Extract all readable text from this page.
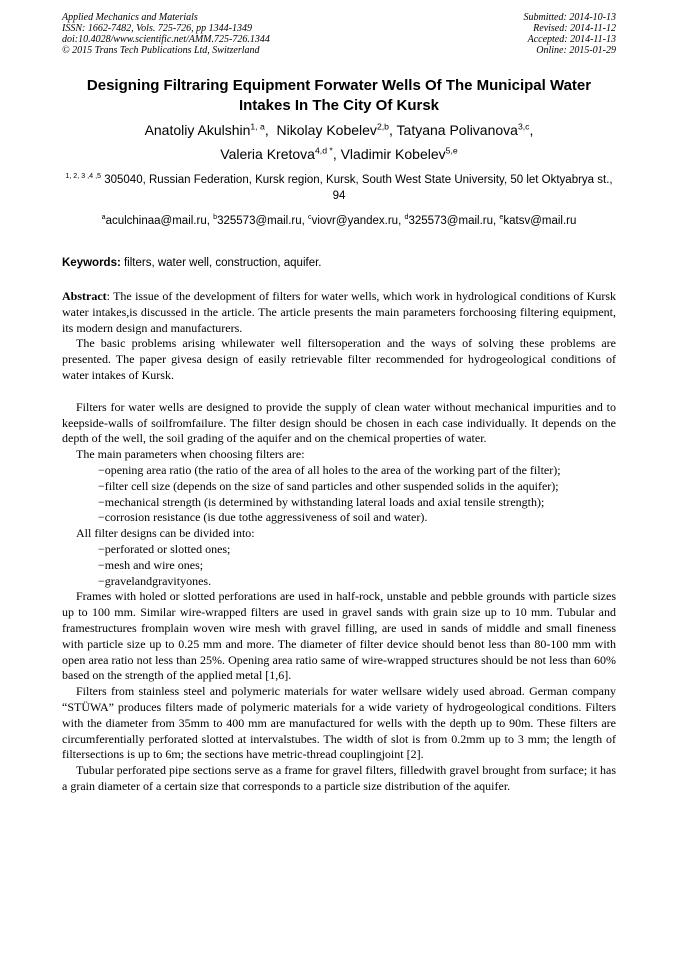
Applied Mechanics and Materials
ISSN: 1662-7482, Vols. 725-726, pp 1344-1349
doi:10.4028/www.scientific.net/AMM.725-726.1344
© 2015 Trans Tech Publications Ltd, Switzerland
Submitted: 2014-10-13
Revised: 2014-11-12
Accepted: 2014-11-13
Online: 2015-01-29
Designing Filtraring Equipment Forwater Wells Of The Municipal Water Intakes In The City Of Kursk
Anatoliy Akulshin$^{1, a}$,  Nikolay Kobelev$^{2,b}$, Tatyana Polivanova$^{3,c}$,
Valeria Kretova$^{4,d *}$, Vladimir Kobelev$^{5,e}$
$^{1, 2, 3 ,4 ,5}$ 305040, Russian Federation, Kursk region, Kursk, South West State University, 50 let Oktyabrya st., 94
$^a$aculchinaa@mail.ru, $^b$325573@mail.ru, $^c$viovr@yandex.ru, $^d$325573@mail.ru, $^e$katsv@mail.ru
Keywords: filters, water well, construction, aquifer.

Abstract: The issue of the development of filters for water wells, which work in hydrological conditions of Kursk water intakes,is discussed in the article. The article presents the main parameters forchoosing filtering equipment, its modern design and manufacturers.

The basic problems arising whilewater well filtersoperation and the ways of solving these problems are presented. The paper givesa design of easily retrievable filter recommended for hydrogeological conditions of water intakes of Kursk.

Filters for water wells are designed to provide the supply of clean water without mechanical impurities and to keepside-walls of soilfromfailure. The filter design should be chosen in each case individually. It depends on the depth of the well, the soil grading of the aquifer and on the chemical properties of water.

The main parameters when choosing filters are:

−opening area ratio (the ratio of the area of all holes to the area of the working part of the filter);

−filter cell size (depends on the size of sand particles and other suspended solids in the aquifer);

−mechanical strength (is determined by withstanding lateral loads and axial tensile strength);

−corrosion resistance (is due tothe aggressiveness of soil and water).

All filter designs can be divided into:

−perforated or slotted ones;

−mesh and wire ones;

−gravelandgravityones.

Frames with holed or slotted perforations are used in half-rock, unstable and pebble grounds with particle sizes up to 100 mm. Similar wire-wrapped filters are used in gravel sands with grain size up to 10 mm. Tubular and framestructures fromplain woven wire mesh with gravel filling, are used in sands of middle and small fineness with particle size up to 0.25 mm and more. The diameter of filter device should benot less than 80-100 mm with open area ratio not less than 25%. Opening area ratio same of wire-wrapped structures should be not less than 60% based on the strength of the applied metal [1,6].

Filters from stainless steel and polymeric materials for water wellsare widely used abroad. German company “STÜWA” produces filters made of polymeric materials for a wide variety of hydrogeological conditions. Filters with the diameter from 35mm to 400 mm are manufactured for wells with the depth up to 90m. These filters are circumferentially perforated slotted at intervalstubes. The width of slot is from 0.2mm up to 3 mm; the length of filtersections is up to 6m; the sections have metric-thread couplingjoint [2].

Tubular perforated pipe sections serve as a frame for gravel filters, filledwith gravel brought from surface; it has a grain diameter of a certain size that corresponds to a particle size distribution of the aquifer.
